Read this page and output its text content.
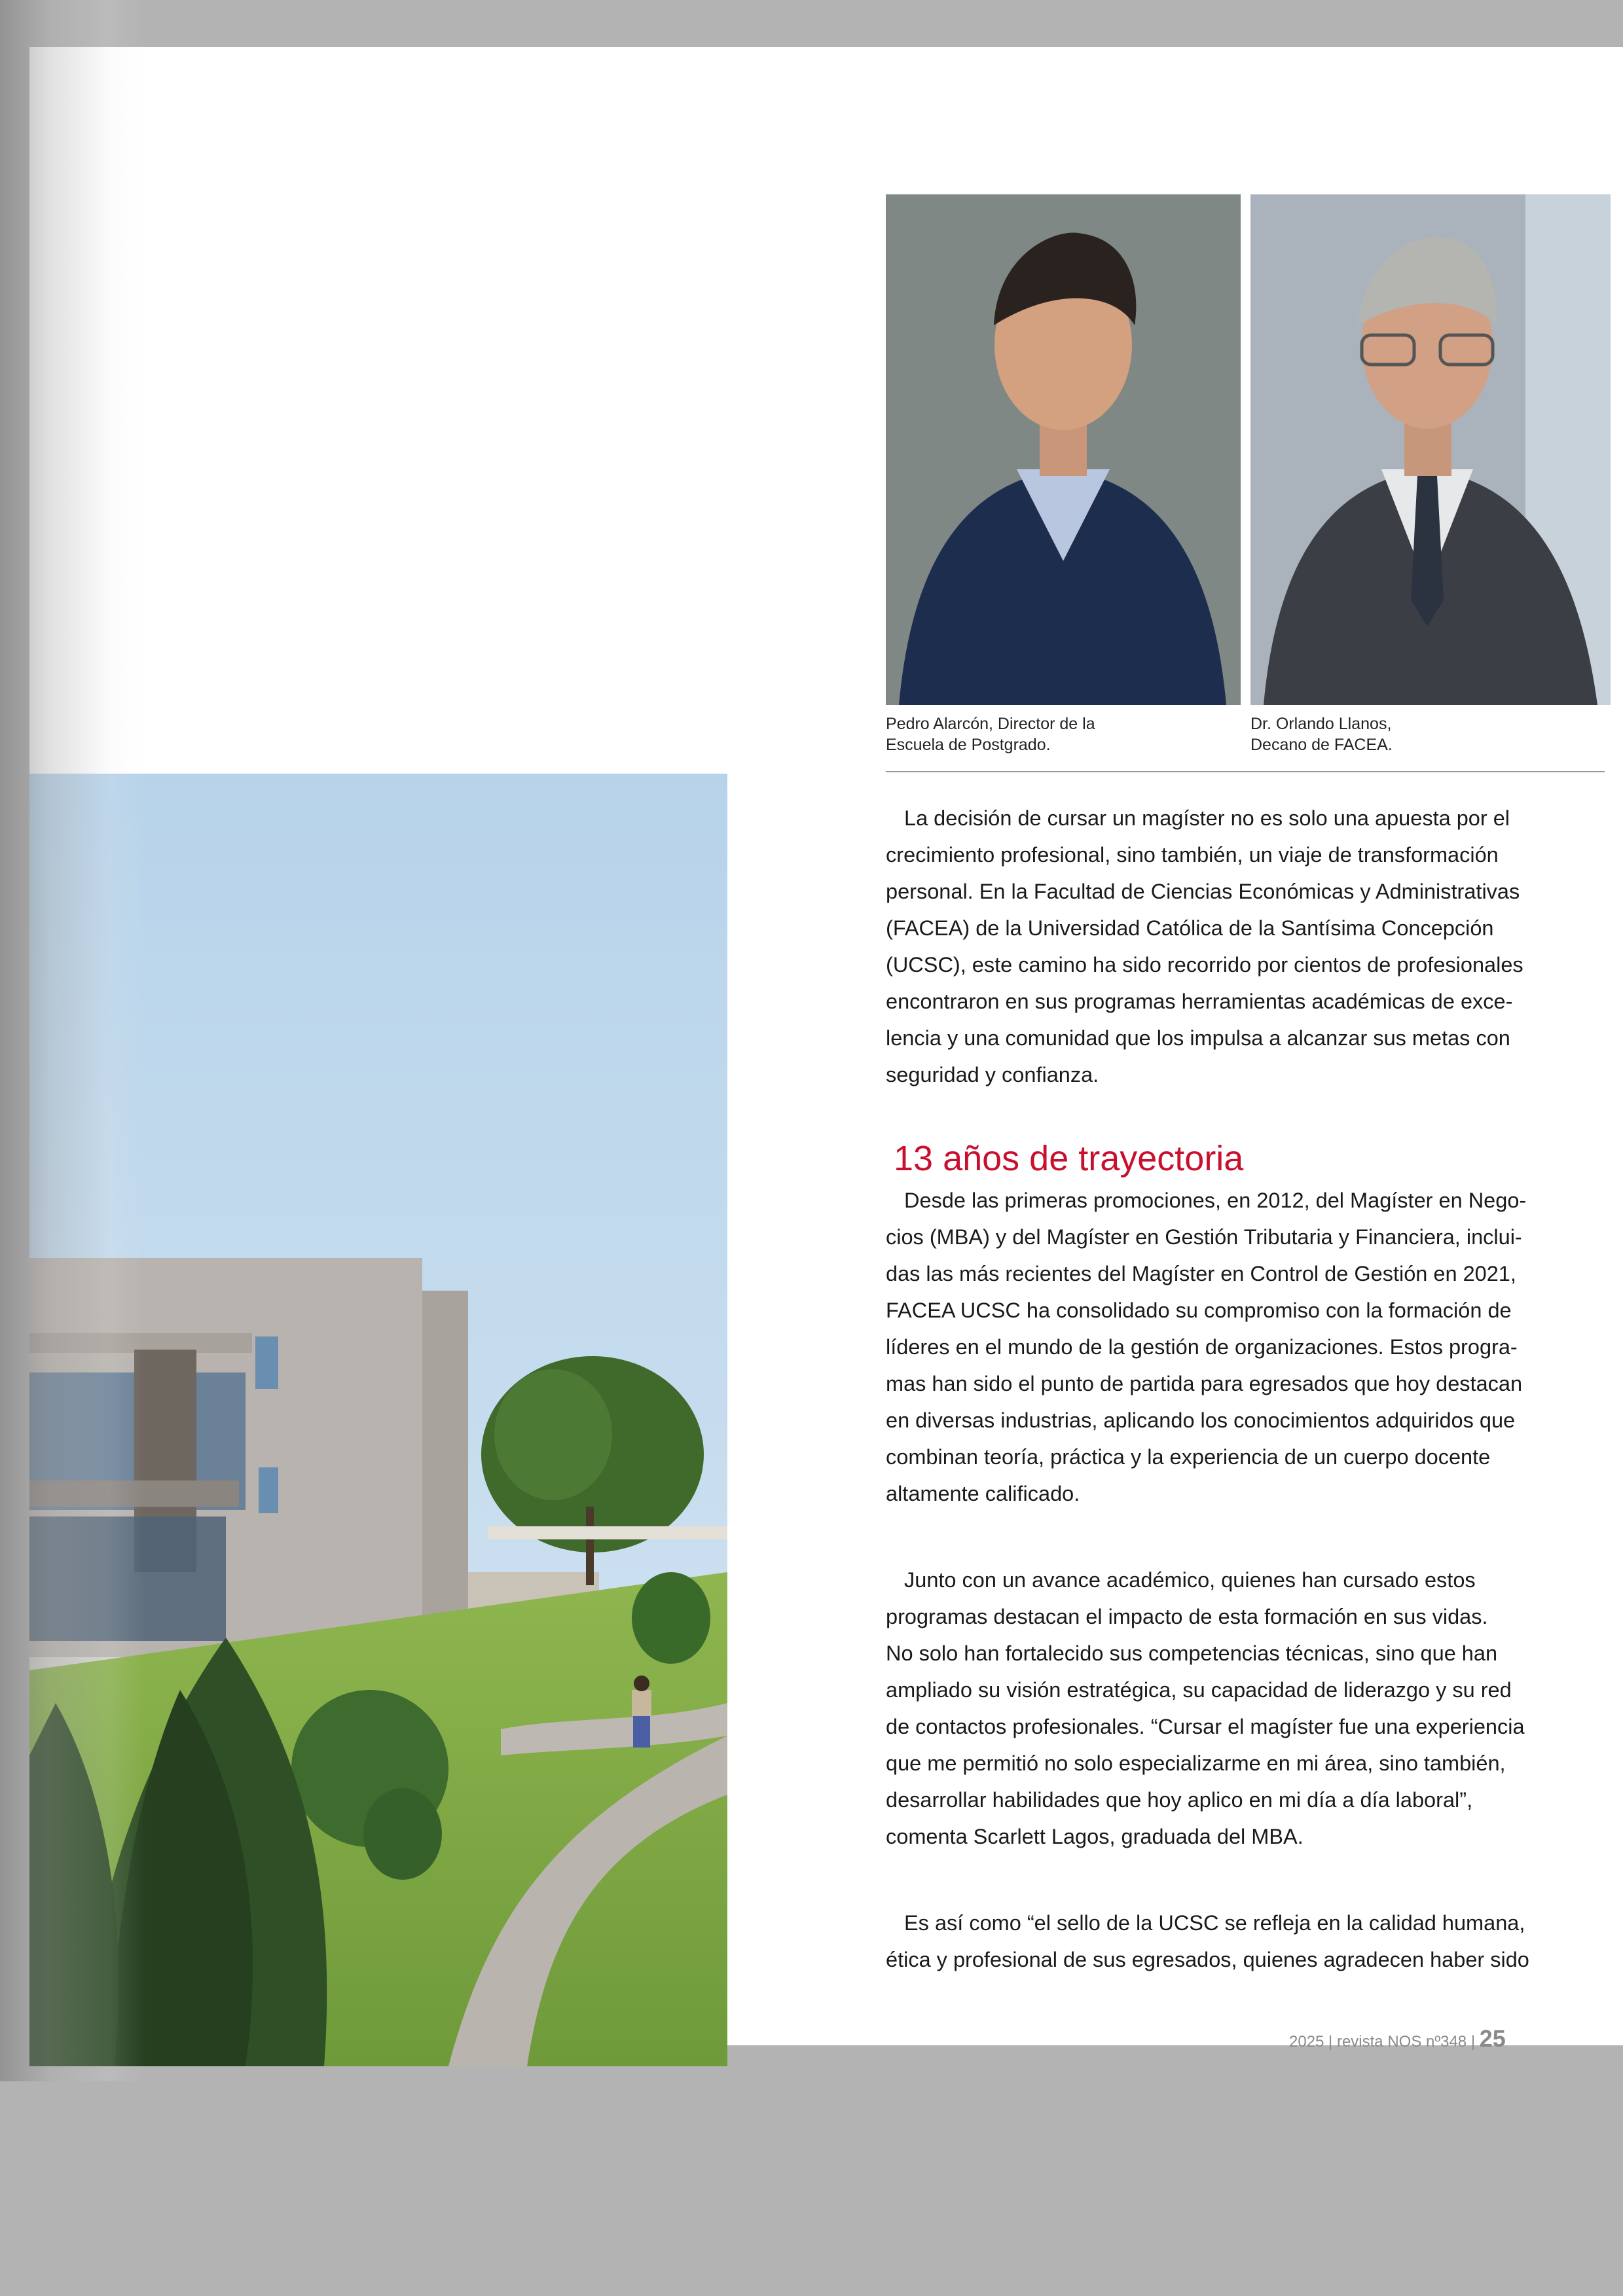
Pedro Alarcón, Director de la
Escuela de Postgrado.
Dr. Orlando Llanos,
Decano de FACEA.

La decisión de cursar un magíster no es solo una apuesta por el
crecimiento profesional, sino también, un viaje de transformación
personal. En la Facultad de Ciencias Económicas y Administrativas
(FACEA) de la Universidad Católica de la Santísima Concepción
(UCSC), este camino ha sido recorrido por cientos de profesionales
encontraron en sus programas herramientas académicas de exce-
lencia y una comunidad que los impulsa a alcanzar sus metas con
seguridad y confianza.

13 años de trayectoria

Desde las primeras promociones, en 2012, del Magíster en Nego-
cios (MBA) y del Magíster en Gestión Tributaria y Financiera, inclui-
das las más recientes del Magíster en Control de Gestión en 2021,
FACEA UCSC ha consolidado su compromiso con la formación de
líderes en el mundo de la gestión de organizaciones. Estos progra-
mas han sido el punto de partida para egresados que hoy destacan
en diversas industrias, aplicando los conocimientos adquiridos que
combinan teoría, práctica y la experiencia de un cuerpo docente
altamente calificado.

Junto con un avance académico, quienes han cursado estos
programas destacan el impacto de esta formación en sus vidas.
No solo han fortalecido sus competencias técnicas, sino que han
ampliado su visión estratégica, su capacidad de liderazgo y su red
de contactos profesionales. “Cursar el magíster fue una experiencia
que me permitió no solo especializarme en mi área, sino también,
desarrollar habilidades que hoy aplico en mi día a día laboral”,
comenta Scarlett Lagos, graduada del MBA.

Es así como “el sello de la UCSC se refleja en la calidad humana,
ética y profesional de sus egresados, quienes agradecen haber sido

2025 | revista NOS nº348 | 25
